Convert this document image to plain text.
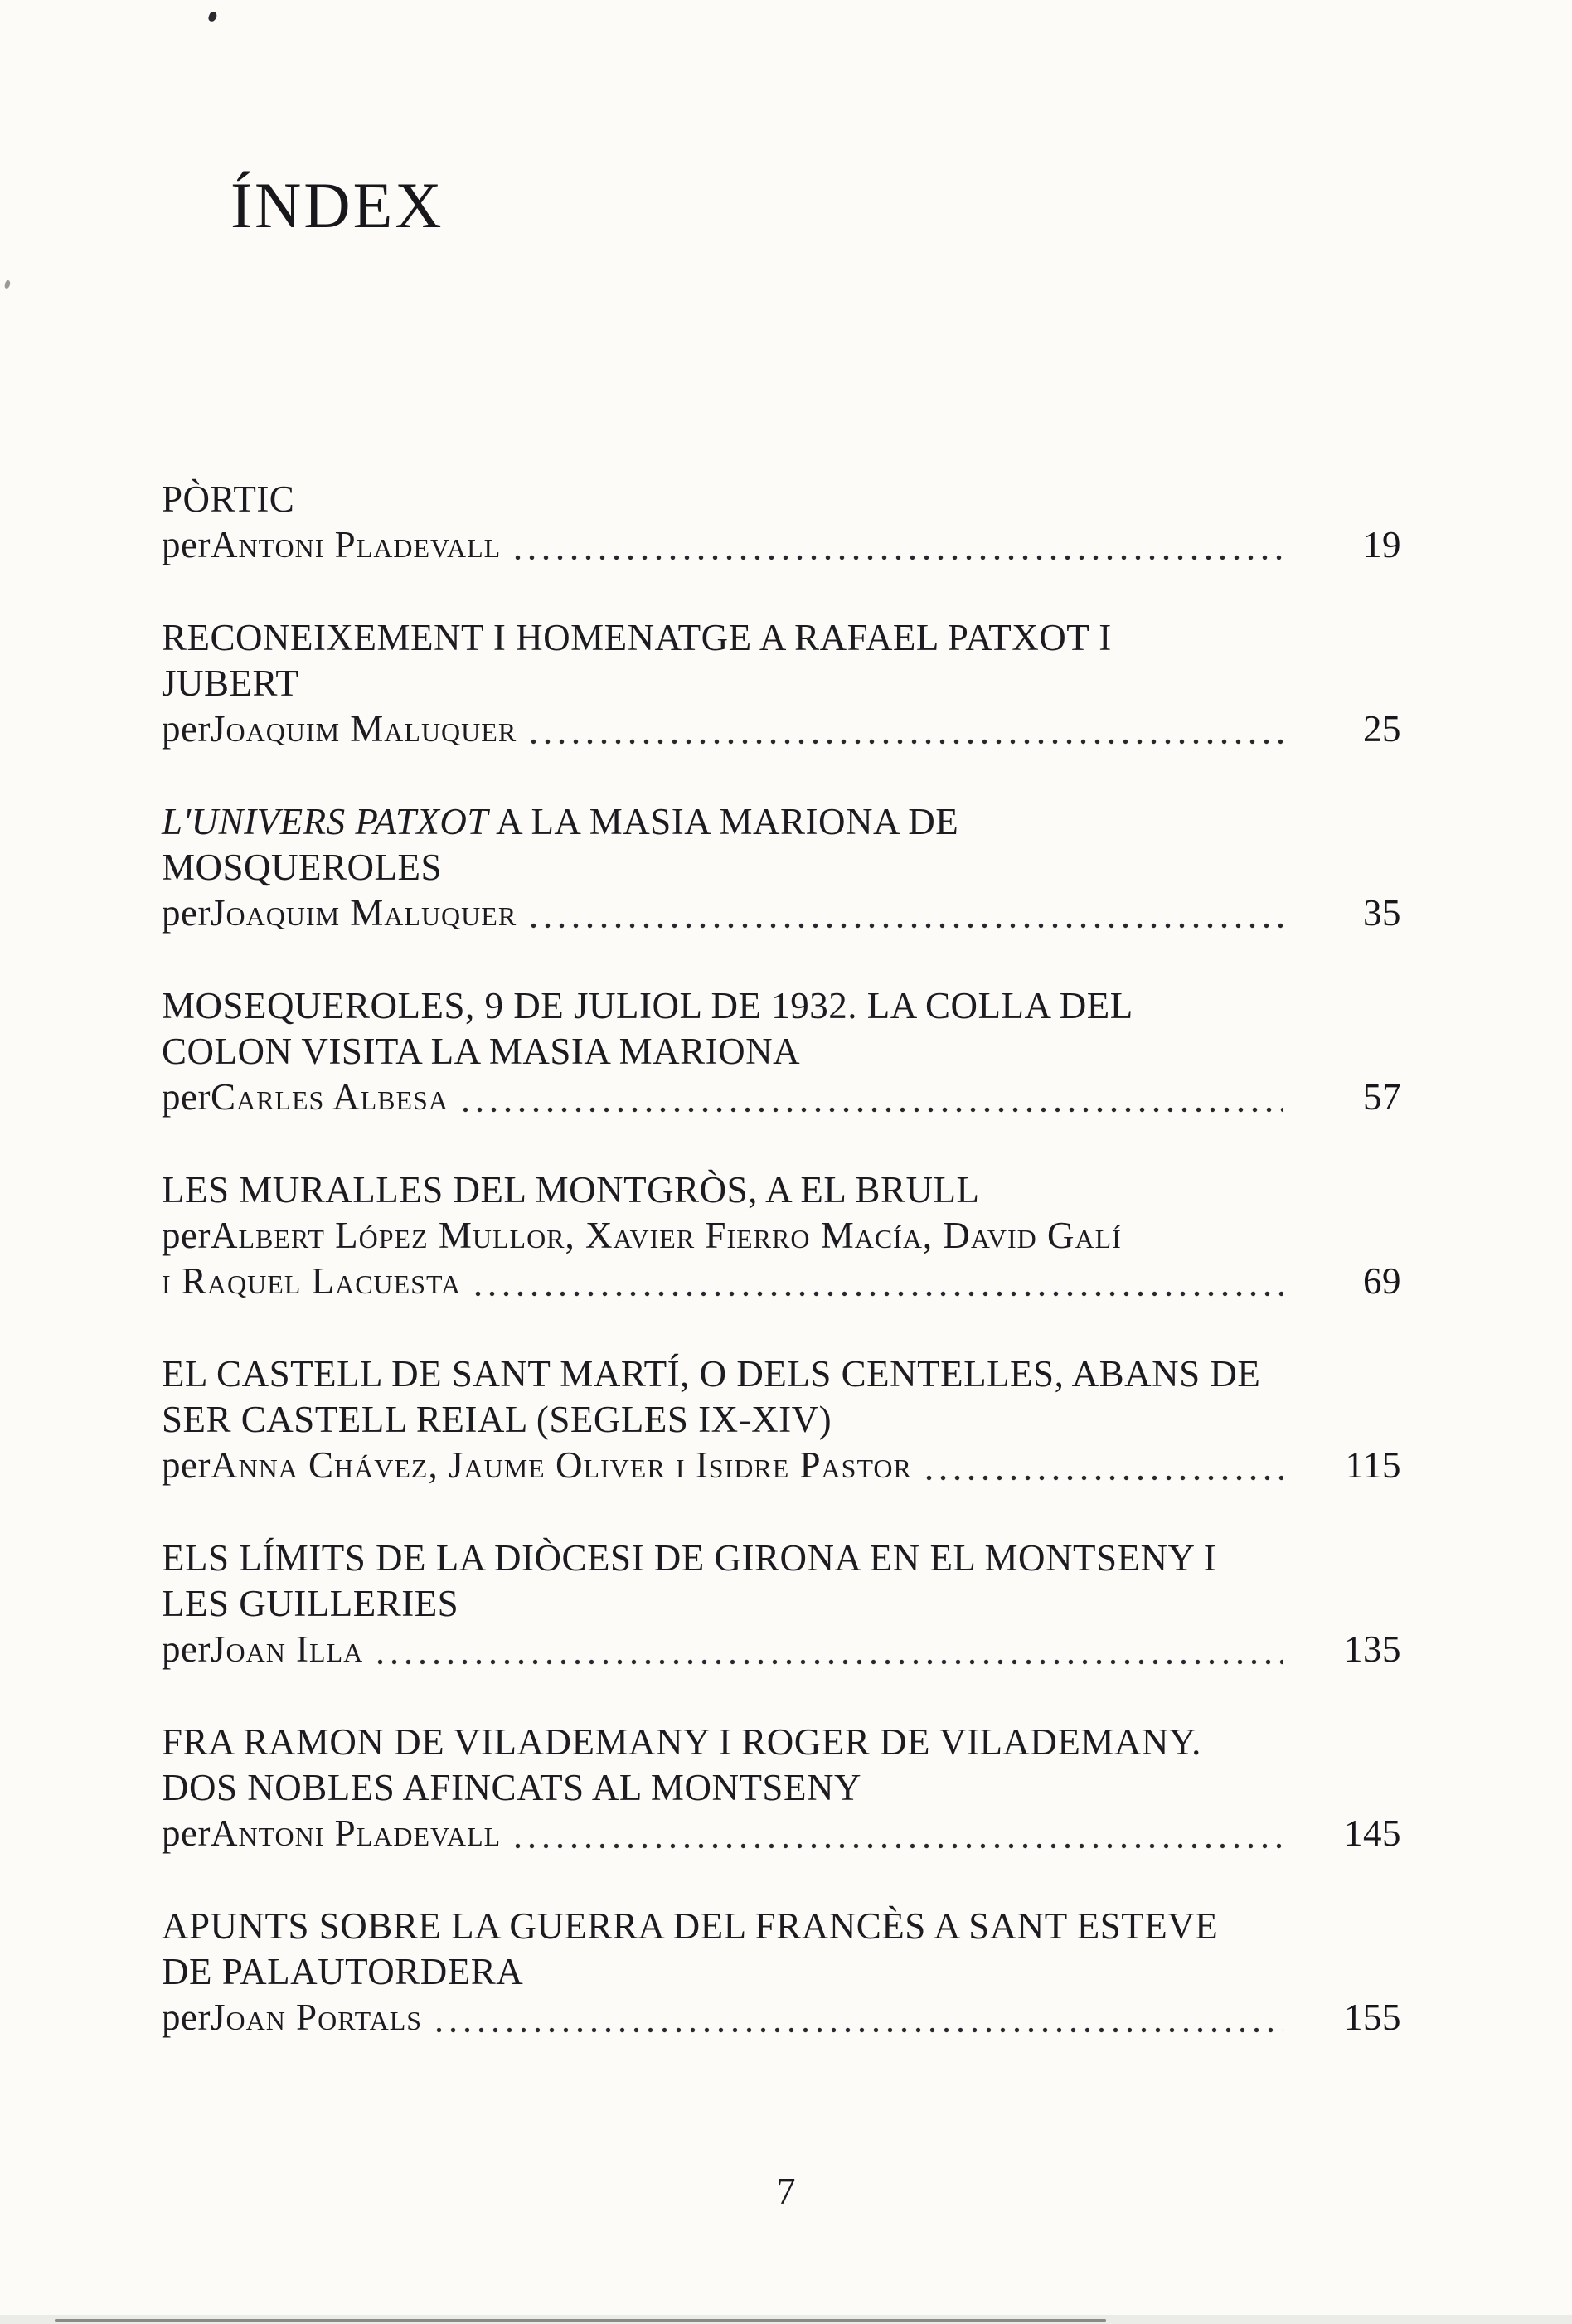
ÍNDEX
PÒRTIC
per Antoni Pladevall	19
RECONEIXEMENT I HOMENATGE A RAFAEL PATXOT I
JUBERT
per Joaquim Maluquer	25
L'UNIVERS PATXOT A LA MASIA MARIONA DE
MOSQUEROLES
per Joaquim Maluquer	35
MOSEQUEROLES, 9 DE JULIOL DE 1932. LA COLLA DEL
COLON VISITA LA MASIA MARIONA
per Carles Albesa	57
LES MURALLES DEL MONTGRÒS, A EL BRULL
per Albert López Mullor, Xavier Fierro Macía, David Galí
i Raquel Lacuesta	69
EL CASTELL DE SANT MARTÍ, O DELS CENTELLES, ABANS DE
SER CASTELL REIAL (SEGLES IX-XIV)
per Anna Chávez, Jaume Oliver i Isidre Pastor	115
ELS LÍMITS DE LA DIÒCESI DE GIRONA EN EL MONTSENY I
LES GUILLERIES
per Joan Illa	135
FRA RAMON DE VILADEMANY I ROGER DE VILADEMANY.
DOS NOBLES AFINCATS AL MONTSENY
per Antoni Pladevall	145
APUNTS SOBRE LA GUERRA DEL FRANCÈS A SANT ESTEVE
DE PALAUTORDERA
per Joan Portals	155
7
